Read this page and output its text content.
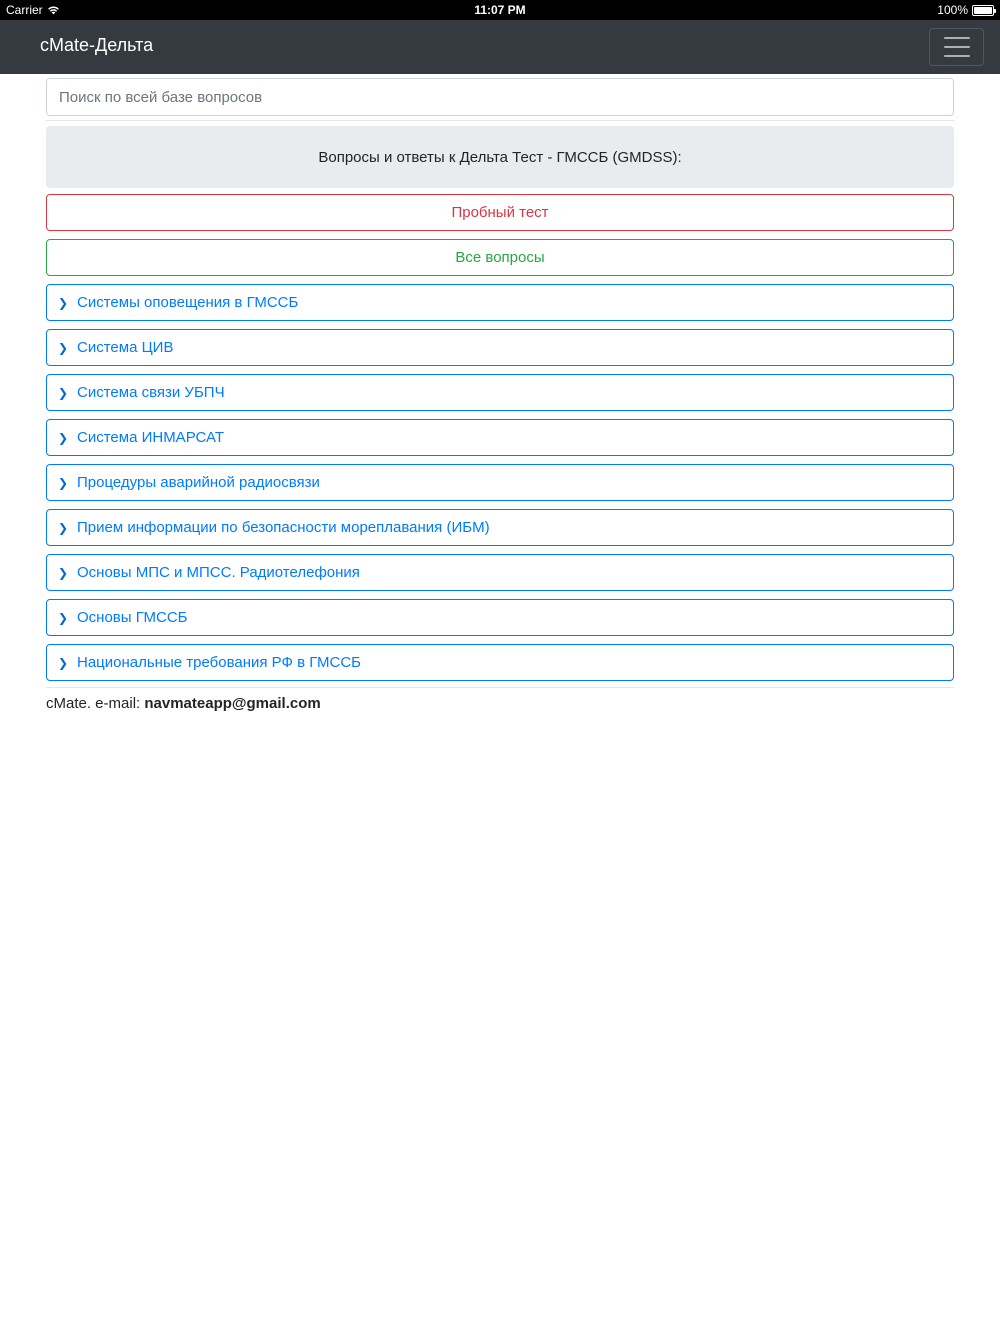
Carrier	11:07 PM	100%
cMate-Дельта
Поиск по всей базе вопросов
Вопросы и ответы к Дельта Тест - ГМССБ (GMDSS):
Пробный тест
Все вопросы
❯ Системы оповещения в ГМССБ
❯ Система ЦИВ
❯ Система связи УБПЧ
❯ Система ИНМАРСАТ
❯ Процедуры аварийной радиосвязи
❯ Прием информации по безопасности мореплавания (ИБМ)
❯ Основы МПС и МПСС. Радиотелефония
❯ Основы ГМССБ
❯ Национальные требования РФ в ГМССБ
cMate. e-mail: navmateapp@gmail.com
